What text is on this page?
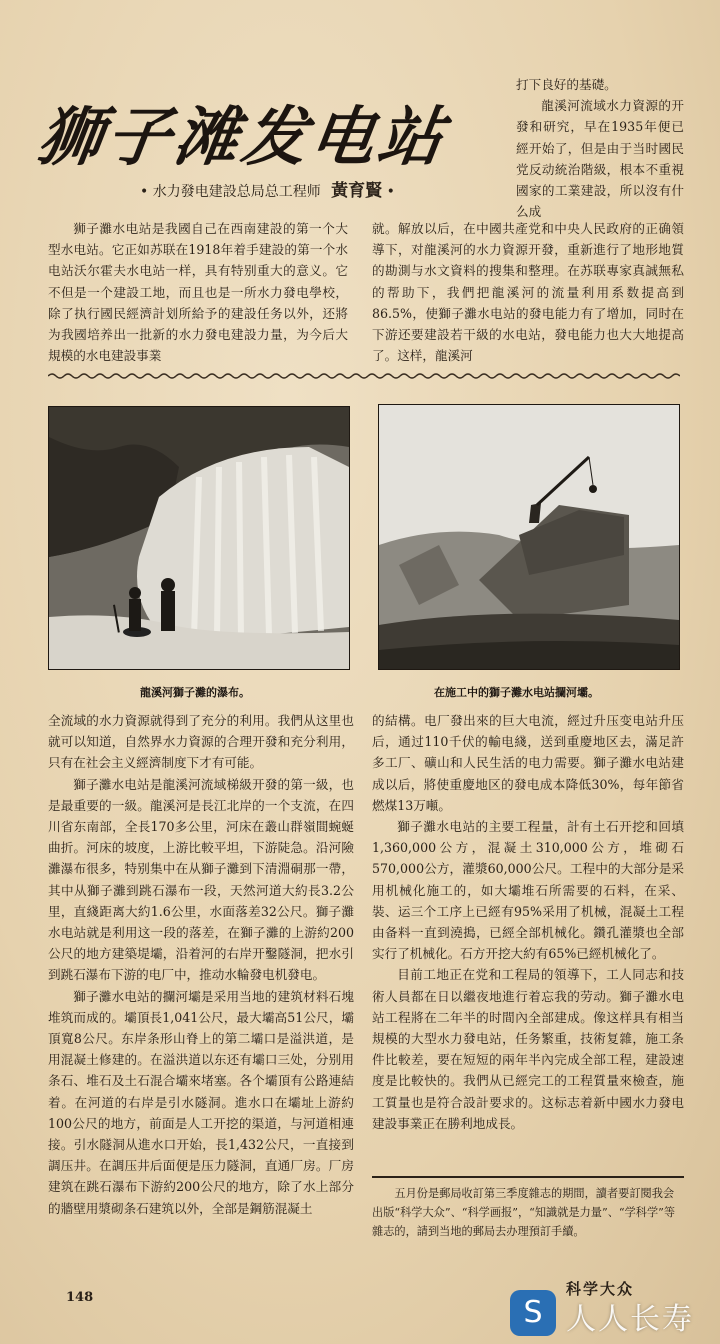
狮子滩发电站
• 水力發电建設总局总工程师 黃育賢 •

打下良好的基礎。

龍溪河流域水力資源的开發和研究，早在1935年便已經开始了，但是由于当时國民党反动統治階級，根本不重視國家的工業建設，所以沒有什么成

狮子灘水电站是我國自己在西南建設的第一个大型水电站。它正如苏联在1918年着手建設的第一个水电站沃尔霍夫水电站一样，具有特别重大的意义。它不但是一个建設工地，而且也是一所水力發电學校，除了执行國民經濟計划所給予的建設任务以外，还將为我國培养出一批新的水力發电建設力量，为今后大規模的水电建設事業
就。解放以后，在中國共產党和中央人民政府的正确領導下，对龍溪河的水力資源开發，重新進行了地形地質的勘測与水文資料的搜集和整理。在苏联專家真誠無私的帮助下，我們把龍溪河的流量利用系数提高到86.5%，使獅子灘水电站的發电能力有了增加，同时在下游还要建設若干級的水电站，發电能力也大大地提高了。这样，龍溪河
龍溪河獅子灘的瀑布。	在施工中的獅子灘水电站攔河壩。

全流域的水力資源就得到了充分的利用。我們从这里也就可以知道，自然界水力資源的合理开發和充分利用，只有在社会主义經濟制度下才有可能。

獅子灘水电站是龍溪河流域梯級开發的第一級，也是最重要的一級。龍溪河是長江北岸的一个支流，在四川省东南部，全長170多公里，河床在叢山群嶺間蜿蜒曲折。河床的坡度，上游比較平坦，下游陡急。沿河險灘瀑布很多，特别集中在从獅子灘到下清淵硐那一帶，其中从獅子灘到跳石瀑布一段，天然河道大約長3.2公里，直綫距离大約1.6公里，水面落差32公尺。獅子灘水电站就是利用这一段的落差，在獅子灘的上游約200公尺的地方建築堤壩，沿着河的右岸开鑿隧洞，把水引到跳石瀑布下游的电厂中，推动水輪發电机發电。

獅子灘水电站的攔河壩是采用当地的建筑材料石塊堆筑而成的。壩頂長1,041公尺，最大壩高51公尺，壩頂寬8公尺。东岸条形山脊上的第二壩口是溢洪道，是用混凝土修建的。在溢洪道以东还有壩口三处，分别用条石、堆石及土石混合壩來堵塞。各个壩頂有公路連結着。在河道的右岸是引水隧洞。進水口在壩址上游約100公尺的地方，前面是人工开挖的渠道，与河道相連接。引水隧洞从進水口开始，長1,432公尺，一直接到調压井。在調压井后面便是压力隧洞，直通厂房。厂房建筑在跳石瀑布下游約200公尺的地方，除了水上部分的牆壁用漿砌条石建筑以外，全部是鋼筋混凝土

的結構。电厂發出來的巨大电流，經过升压变电站升压后，通过110千伏的輸电綫，送到重慶地区去，滿足許多工厂、礦山和人民生活的电力需要。獅子灘水电站建成以后，將使重慶地区的發电成本降低30%，每年節省燃煤13万噸。

獅子灘水电站的主要工程量，計有土石开挖和回填1,360,000公方，混凝土310,000公方，堆砌石570,000公方，灌漿60,000公尺。工程中的大部分是采用机械化施工的，如大壩堆石所需要的石料，在采、裝、运三个工序上已經有95%采用了机械，混凝土工程由备料一直到澆搗，已經全部机械化。鑽孔灌漿也全部实行了机械化。石方开挖大約有65%已經机械化了。

目前工地正在党和工程局的領導下，工人同志和技術人員都在日以繼夜地進行着忘我的劳动。獅子灘水电站工程將在二年半的时間內全部建成。像这样具有相当規模的大型水力發电站，任务繁重，技術复雜，施工条件比較差，要在短短的兩年半內完成全部工程，建設速度是比較快的。我們从已經完工的工程質量來檢查，施工質量也是符合設計要求的。这标志着新中國水力發电建設事業正在勝利地成長。

五月份是郵局收訂第三季度雜志的期間，讀者要訂閱我会出版“科学大众”、“科学画报”，“知識就是力量”、“学科学”等雜志的，請到当地的郵局去办理預訂手續。
148	科学大众
S 人人长寿
